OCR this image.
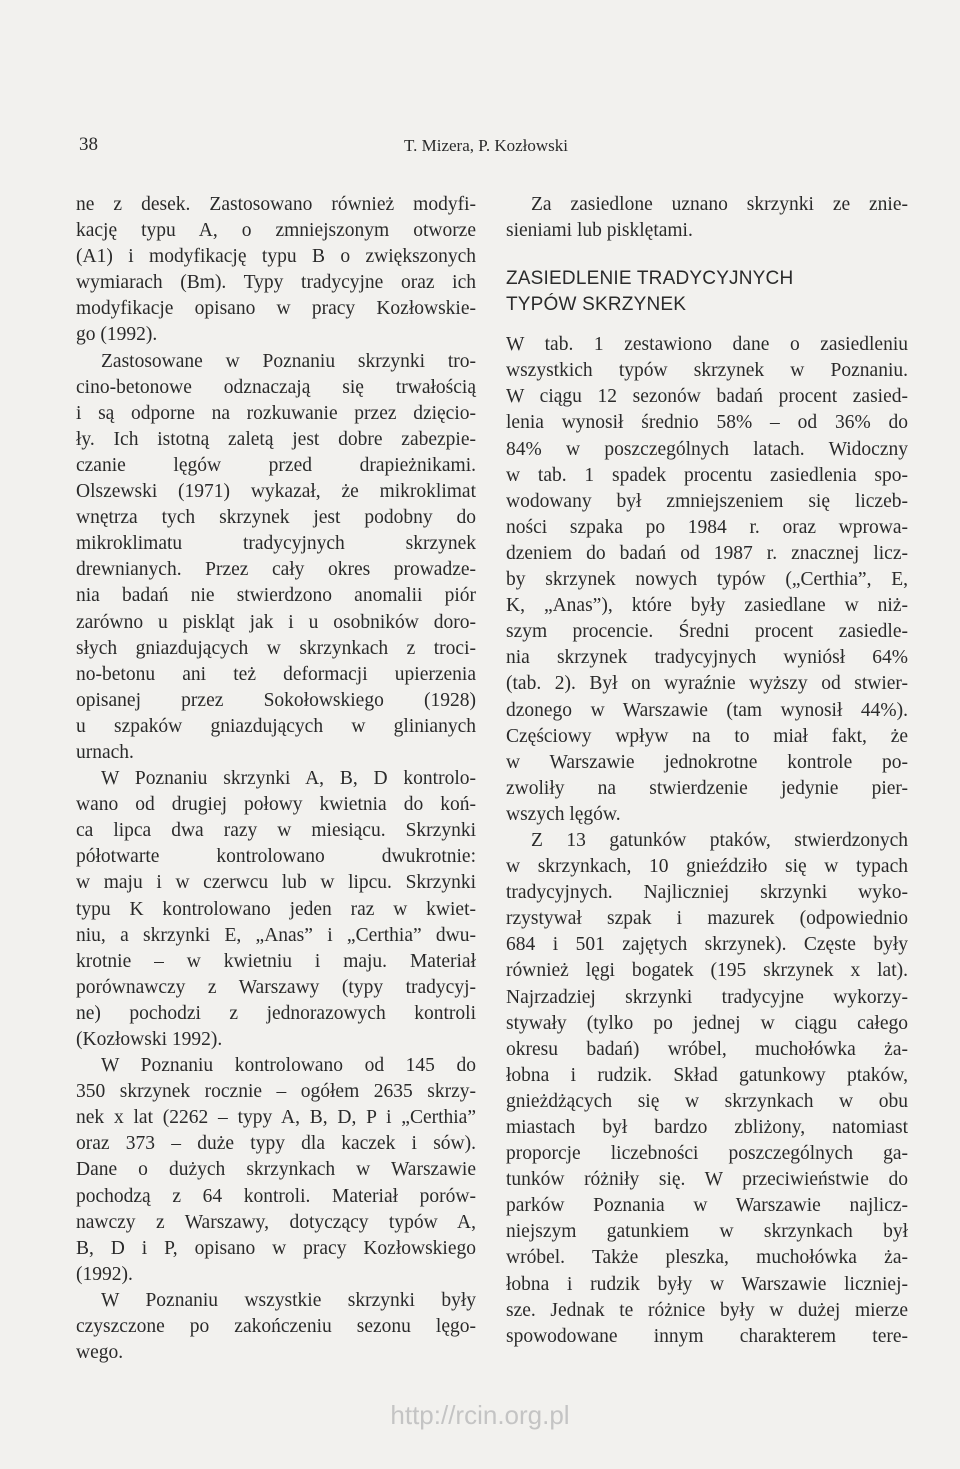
38	T. Mizera, P. Kozłowski
ne z desek. Zastosowano również modyfi-
kację typu A, o zmniejszonym otworze
(A1) i modyfikację typu B o zwiększonych
wymiarach (Bm). Typy tradycyjne oraz ich
modyfikacje opisano w pracy Kozłowskie-
go (1992).
Zastosowane w Poznaniu skrzynki tro-
cino-betonowe odznaczają się trwałością
i są odporne na rozkuwanie przez dzięcio-
ły. Ich istotną zaletą jest dobre zabezpie-
czanie lęgów przed drapieżnikami.
Olszewski (1971) wykazał, że mikroklimat
wnętrza tych skrzynek jest podobny do
mikroklimatu tradycyjnych skrzynek
drewnianych. Przez cały okres prowadze-
nia badań nie stwierdzono anomalii piór
zarówno u piskląt jak i u osobników doro-
słych gniazdujących w skrzynkach z troci-
no-betonu ani też deformacji upierzenia
opisanej przez Sokołowskiego (1928)
u szpaków gniazdujących w glinianych
urnach.
W Poznaniu skrzynki A, B, D kontrolo-
wano od drugiej połowy kwietnia do koń-
ca lipca dwa razy w miesiącu. Skrzynki
półotwarte kontrolowano dwukrotnie:
w maju i w czerwcu lub w lipcu. Skrzynki
typu K kontrolowano jeden raz w kwiet-
niu, a skrzynki E, „Anas” i „Certhia” dwu-
krotnie – w kwietniu i maju. Materiał
porównawczy z Warszawy (typy tradycyj-
ne) pochodzi z jednorazowych kontroli
(Kozłowski 1992).
W Poznaniu kontrolowano od 145 do
350 skrzynek rocznie – ogółem 2635 skrzy-
nek x lat (2262 – typy A, B, D, P i „Certhia”
oraz 373 – duże typy dla kaczek i sów).
Dane o dużych skrzynkach w Warszawie
pochodzą z 64 kontroli. Materiał porów-
nawczy z Warszawy, dotyczący typów A,
B, D i P, opisano w pracy Kozłowskiego
(1992).
W Poznaniu wszystkie skrzynki były
czyszczone po zakończeniu sezonu lęgo-
wego.
Za zasiedlone uznano skrzynki ze znie-
sieniami lub pisklętami.
ZASIEDLENIE TRADYCYJNYCH
TYPÓW SKRZYNEK
W tab. 1 zestawiono dane o zasiedleniu
wszystkich typów skrzynek w Poznaniu.
W ciągu 12 sezonów badań procent zasied-
lenia wynosił średnio 58% – od 36% do
84% w poszczególnych latach. Widoczny
w tab. 1 spadek procentu zasiedlenia spo-
wodowany był zmniejszeniem się liczeb-
ności szpaka po 1984 r. oraz wprowa-
dzeniem do badań od 1987 r. znacznej licz-
by skrzynek nowych typów („Certhia”, E,
K, „Anas”), które były zasiedlane w niż-
szym procencie. Średni procent zasiedle-
nia skrzynek tradycyjnych wyniósł 64%
(tab. 2). Był on wyraźnie wyższy od stwier-
dzonego w Warszawie (tam wynosił 44%).
Częściowy wpływ na to miał fakt, że
w Warszawie jednokrotne kontrole po-
zwoliły na stwierdzenie jedynie pier-
wszych lęgów.
Z 13 gatunków ptaków, stwierdzonych
w skrzynkach, 10 gnieździło się w typach
tradycyjnych. Najliczniej skrzynki wyko-
rzystywał szpak i mazurek (odpowiednio
684 i 501 zajętych skrzynek). Częste były
również lęgi bogatek (195 skrzynek x lat).
Najrzadziej skrzynki tradycyjne wykorzy-
stywały (tylko po jednej w ciągu całego
okresu badań) wróbel, muchołówka ża-
łobna i rudzik. Skład gatunkowy ptaków,
gnieżdżących się w skrzynkach w obu
miastach był bardzo zbliżony, natomiast
proporcje liczebności poszczególnych ga-
tunków różniły się. W przeciwieństwie do
parków Poznania w Warszawie najlicz-
niejszym gatunkiem w skrzynkach był
wróbel. Także pleszka, muchołówka ża-
łobna i rudzik były w Warszawie liczniej-
sze. Jednak te różnice były w dużej mierze
spowodowane innym charakterem tere-
http://rcin.org.pl
